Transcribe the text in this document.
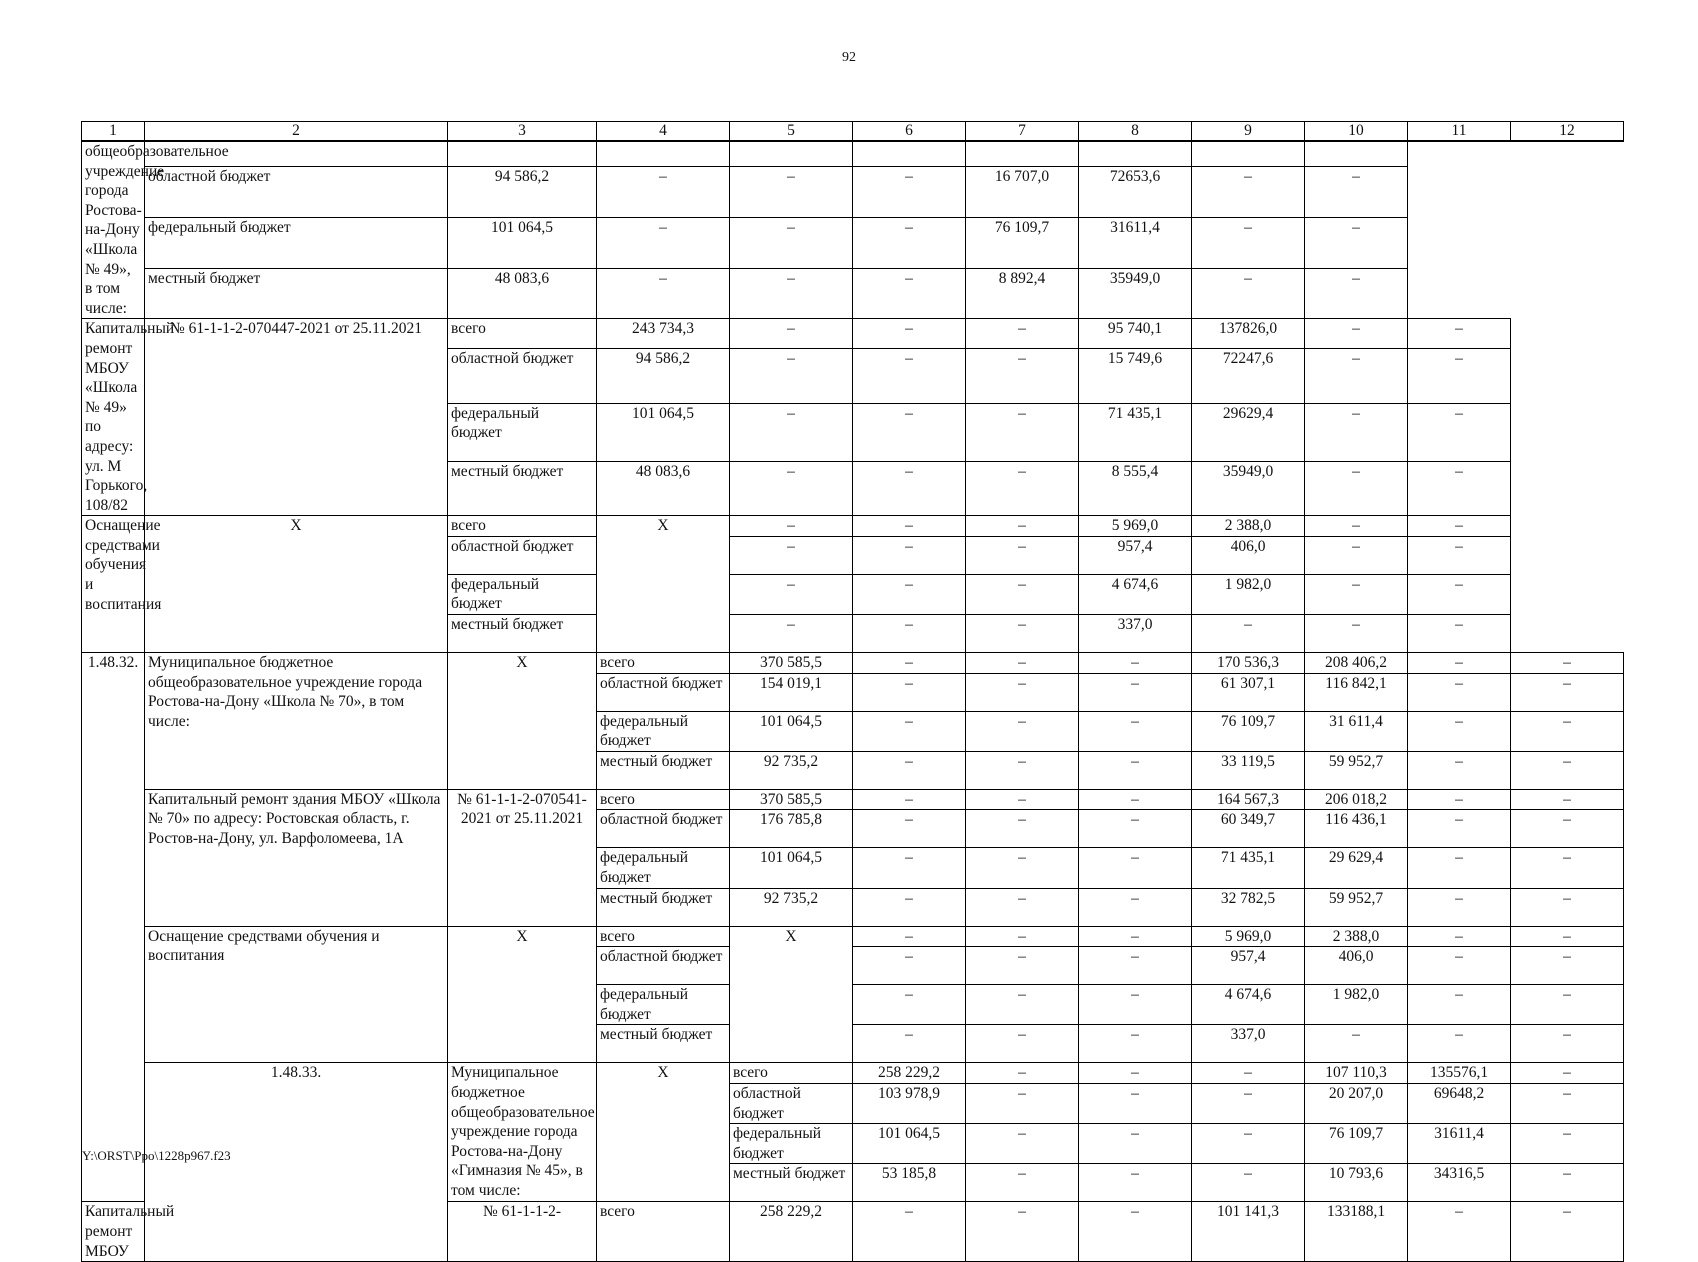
92
1	2	3	4	5	6	7	8	9	10	11	12	
общеобразовательное учреждение города Ростова-на-Дону «Школа № 49», в том числе:												
	областной бюджет	94 586,2	–	–	–	16 707,0	72653,6	–	–			
	федеральный бюджет	101 064,5	–	–	–	76 109,7	31611,4	–	–			
	местный бюджет	48 083,6	–	–	–	8 892,4	35949,0	–	–			
Капитальный ремонт МБОУ «Школа № 49» по адресу: ул. М Горького, 108/82	№ 61-1-1-2-070447-2021 от 25.11.2021	всего	243 734,3	–	–	–	95 740,1	137826,0	–	–		
		областной бюджет	94 586,2	–	–	–	15 749,6	72247,6	–	–		
		федеральный бюджет	101 064,5	–	–	–	71 435,1	29629,4	–	–		
		местный бюджет	48 083,6	–	–	–	8 555,4	35949,0	–	–		
Оснащение средствами обучения и воспитания	X	всего	X	–	–	–	5 969,0	2 388,0	–	–		
		областной бюджет		–	–	–	957,4	406,0	–	–		
		федеральный бюджет		–	–	–	4 674,6	1 982,0	–	–		
		местный бюджет		–	–	–	337,0	–	–	–		
1.48.32.	Муниципальное бюджетное общеобразовательное учреждение города Ростова-на-Дону «Школа № 70», в том числе:	X	всего	370 585,5	–	–	–	170 536,3	208 406,2	–	–	
			областной бюджет	154 019,1	–	–	–	61 307,1	116 842,1	–	–	
			федеральный бюджет	101 064,5	–	–	–	76 109,7	31 611,4	–	–	
			местный бюджет	92 735,2	–	–	–	33 119,5	59 952,7	–	–	
	Капитальный ремонт здания МБОУ «Школа № 70» по адресу: Ростовская область, г. Ростов-на-Дону, ул. Варфоломеева, 1А	№ 61-1-1-2-070541-2021 от 25.11.2021	всего	370 585,5	–	–	–	164 567,3	206 018,2	–	–	
			областной бюджет	176 785,8	–	–	–	60 349,7	116 436,1	–	–	
			федеральный бюджет	101 064,5	–	–	–	71 435,1	29 629,4	–	–	
			местный бюджет	92 735,2	–	–	–	32 782,5	59 952,7	–	–	
	Оснащение средствами обучения и воспитания	X	всего	X	–	–	–	5 969,0	2 388,0	–	–	
			областной бюджет		–	–	–	957,4	406,0	–	–	
			федеральный бюджет		–	–	–	4 674,6	1 982,0	–	–	
			местный бюджет		–	–	–	337,0	–	–	–	
	1.48.33.	Муниципальное бюджетное общеобразовательное учреждение города Ростова-на-Дону «Гимназия № 45», в том числе:	X	всего	258 229,2	–	–	–	107 110,3	135576,1	–	
				областной бюджет	103 978,9	–	–	–	20 207,0	69648,2	–	
				федеральный бюджет	101 064,5	–	–	–	76 109,7	31611,4	–	
				местный бюджет	53 185,8	–	–	–	10 793,6	34316,5	–	
Капитальный ремонт МБОУ		№ 61-1-1-2-	всего	258 229,2	–	–	–	101 141,3	133188,1	–	–	
Y:\ORST\Ppo\1228p967.f23
